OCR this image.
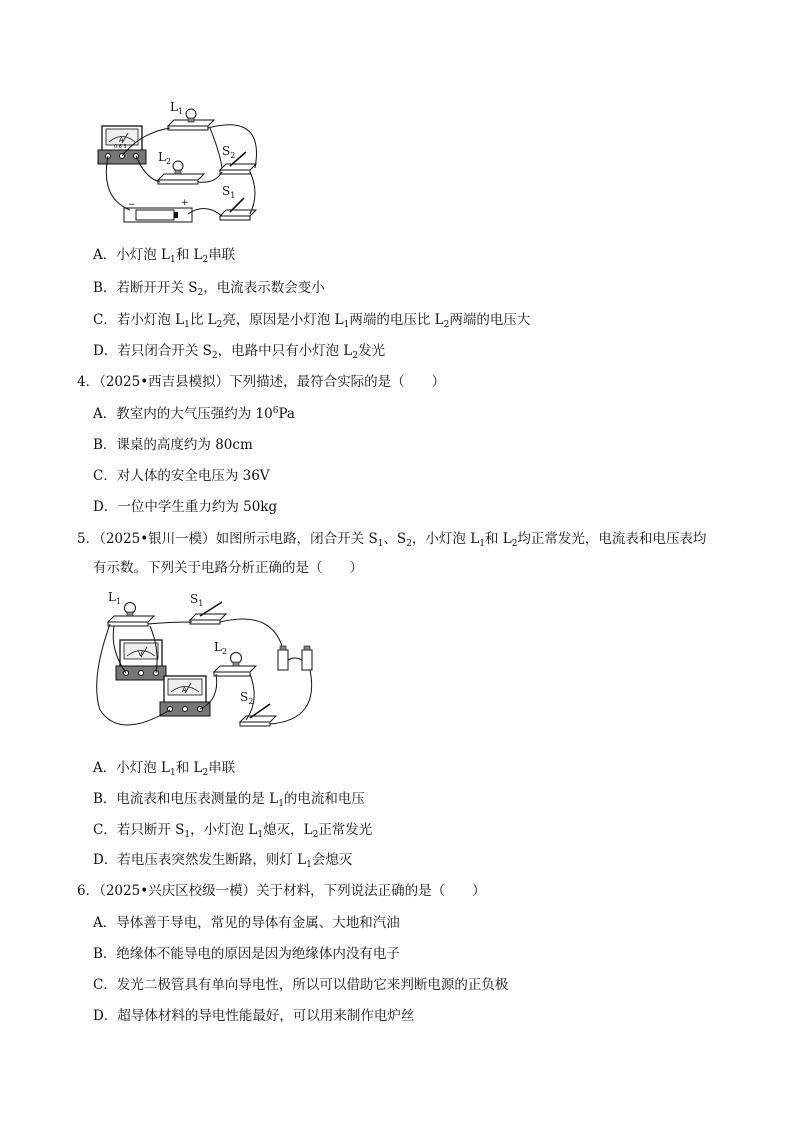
$L_1$
$L_2$
$S_2$
$S_1$
A
0.6 3
−	+
A．小灯泡 $L_1$和 $L_2$串联
B．若断开开关 $S_2$，电流表示数会变小
C．若小灯泡 $L_1$比 $L_2$亮，原因是小灯泡 $L_1$两端的电压比 $L_2$两端的电压大
D．若只闭合开关 $S_2$，电路中只有小灯泡 $L_2$发光
4．（2025•西吉县模拟）下列描述，最符合实际的是（　　）
A．教室内的大气压强约为 $10^6Pa$
B．课桌的高度约为 80cm
C．对人体的安全电压为 36V
D．一位中学生重力约为 50kg
5．（2025•银川一模）如图所示电路，闭合开关 $S_1$、$S_2$，小灯泡 $L_1$和 $L_2$均正常发光，电流表和电压表均
有示数。下列关于电路分析正确的是（　　）
$L_1$	$S_1$
$L_2$
$S_2$
V
A
A．小灯泡 $L_1$和 $L_2$串联
B．电流表和电压表测量的是 $L_1$的电流和电压
C．若只断开 $S_1$，小灯泡 $L_1$熄灭，$L_2$正常发光
D．若电压表突然发生断路，则灯 $L_1$会熄灭
6．（2025•兴庆区校级一模）关于材料，下列说法正确的是（　　）
A．导体善于导电，常见的导体有金属、大地和汽油
B．绝缘体不能导电的原因是因为绝缘体内没有电子
C．发光二极管具有单向导电性，所以可以借助它来判断电源的正负极
D．超导体材料的导电性能最好，可以用来制作电炉丝
